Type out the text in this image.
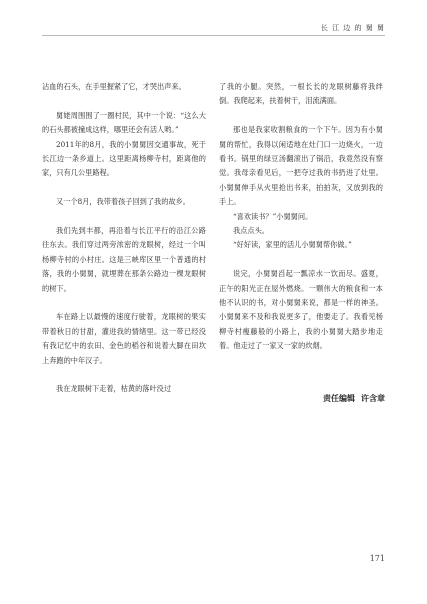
长 江 边 的 舅 舅

沾血的石头，在手里握紧了它，才哭出声来。

舅姥周围围了一圈村民，其中一个说：“这么大的石头都被撞成这样，哪里还会有活人哟。”

2011年的8月，我的小舅舅因交通事故，死于长江边一条乡道上。这里距离杨柳寺村，距离他的家，只有几公里路程。

又一个8月，我带着孩子回到了我的故乡。

我们先到丰都，再沿着与长江平行的沿江公路往东去。我们穿过两旁浓密的龙眼树，经过一个叫杨柳寺村的小村庄。这是三峡库区里一个普通的村落，我的小舅舅，就埋葬在那条公路边一棵龙眼树的树下。

车在路上以最慢的速度行驶着，龙眼树的果实带着秋日的甘甜，灌进我的情绪里。这一带已经没有我记忆中的农田、金色的稻谷和说着大脚在田坎上奔跑的中年汉子。

我在龙眼树下走着，枯黄的落叶没过

了我的小腿。突然，一根长长的龙眼树藤将我绊倒。我爬起来，扶着树干，泪流满面。

那也是我家收割粮食的一个下午。因为有小舅舅的帮忙，我得以闲适地在灶门口一边烧火，一边看书。锅里的绿豆汤翻滚出了锅沿，我竟然没有察觉。我母亲看见后，一把夺过我的书扔进了灶里。小舅舅伸手从火里抢出书来，拍拍灰，又放到我的手上。

“喜欢读书？”小舅舅问。

我点点头。

“好好读，家里的活儿小舅舅帮你做。”

说完，小舅舅舀起一瓢凉水一饮而尽。盛夏，正午的阳光正在屋外燃烧。一颗伟大的粮食和一本他不认识的书，对小舅舅来说，都是一样的神圣。小舅舅来不及和我说更多了，他要走了。我看见杨柳寺村瘦藤般的小路上，我的小舅舅大踏步地走着。他走过了一家又一家的炊烟。

责任编辑 许含章
171
